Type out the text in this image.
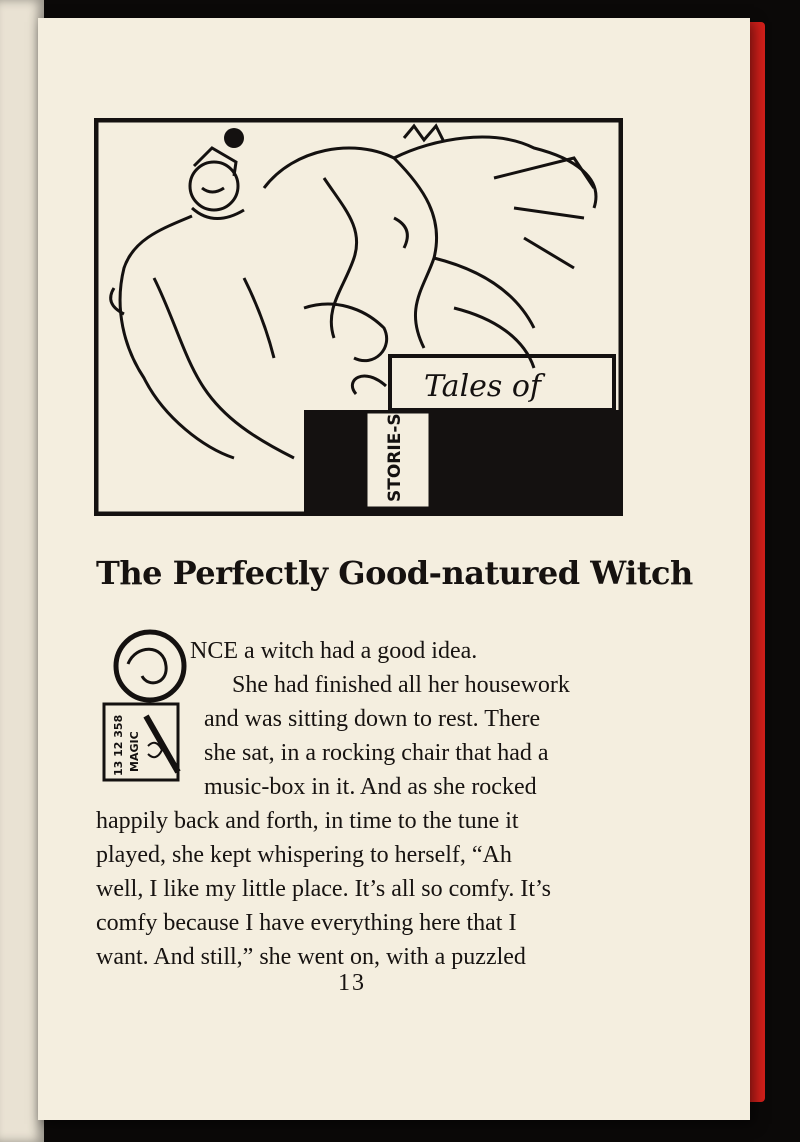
STORIE-S
Tales of
The Perfectly Good-natured Witch
O
13 12 358 MAGIC
NCE a witch had a good idea.
She had finished all her housework
and was sitting down to rest. There
she sat, in a rocking chair that had a
music-box in it. And as she rocked
happily back and forth, in time to the tune it
played, she kept whispering to herself, “Ah
well, I like my little place. It’s all so comfy. It’s
comfy because I have everything here that I
want. And still,” she went on, with a puzzled
13
